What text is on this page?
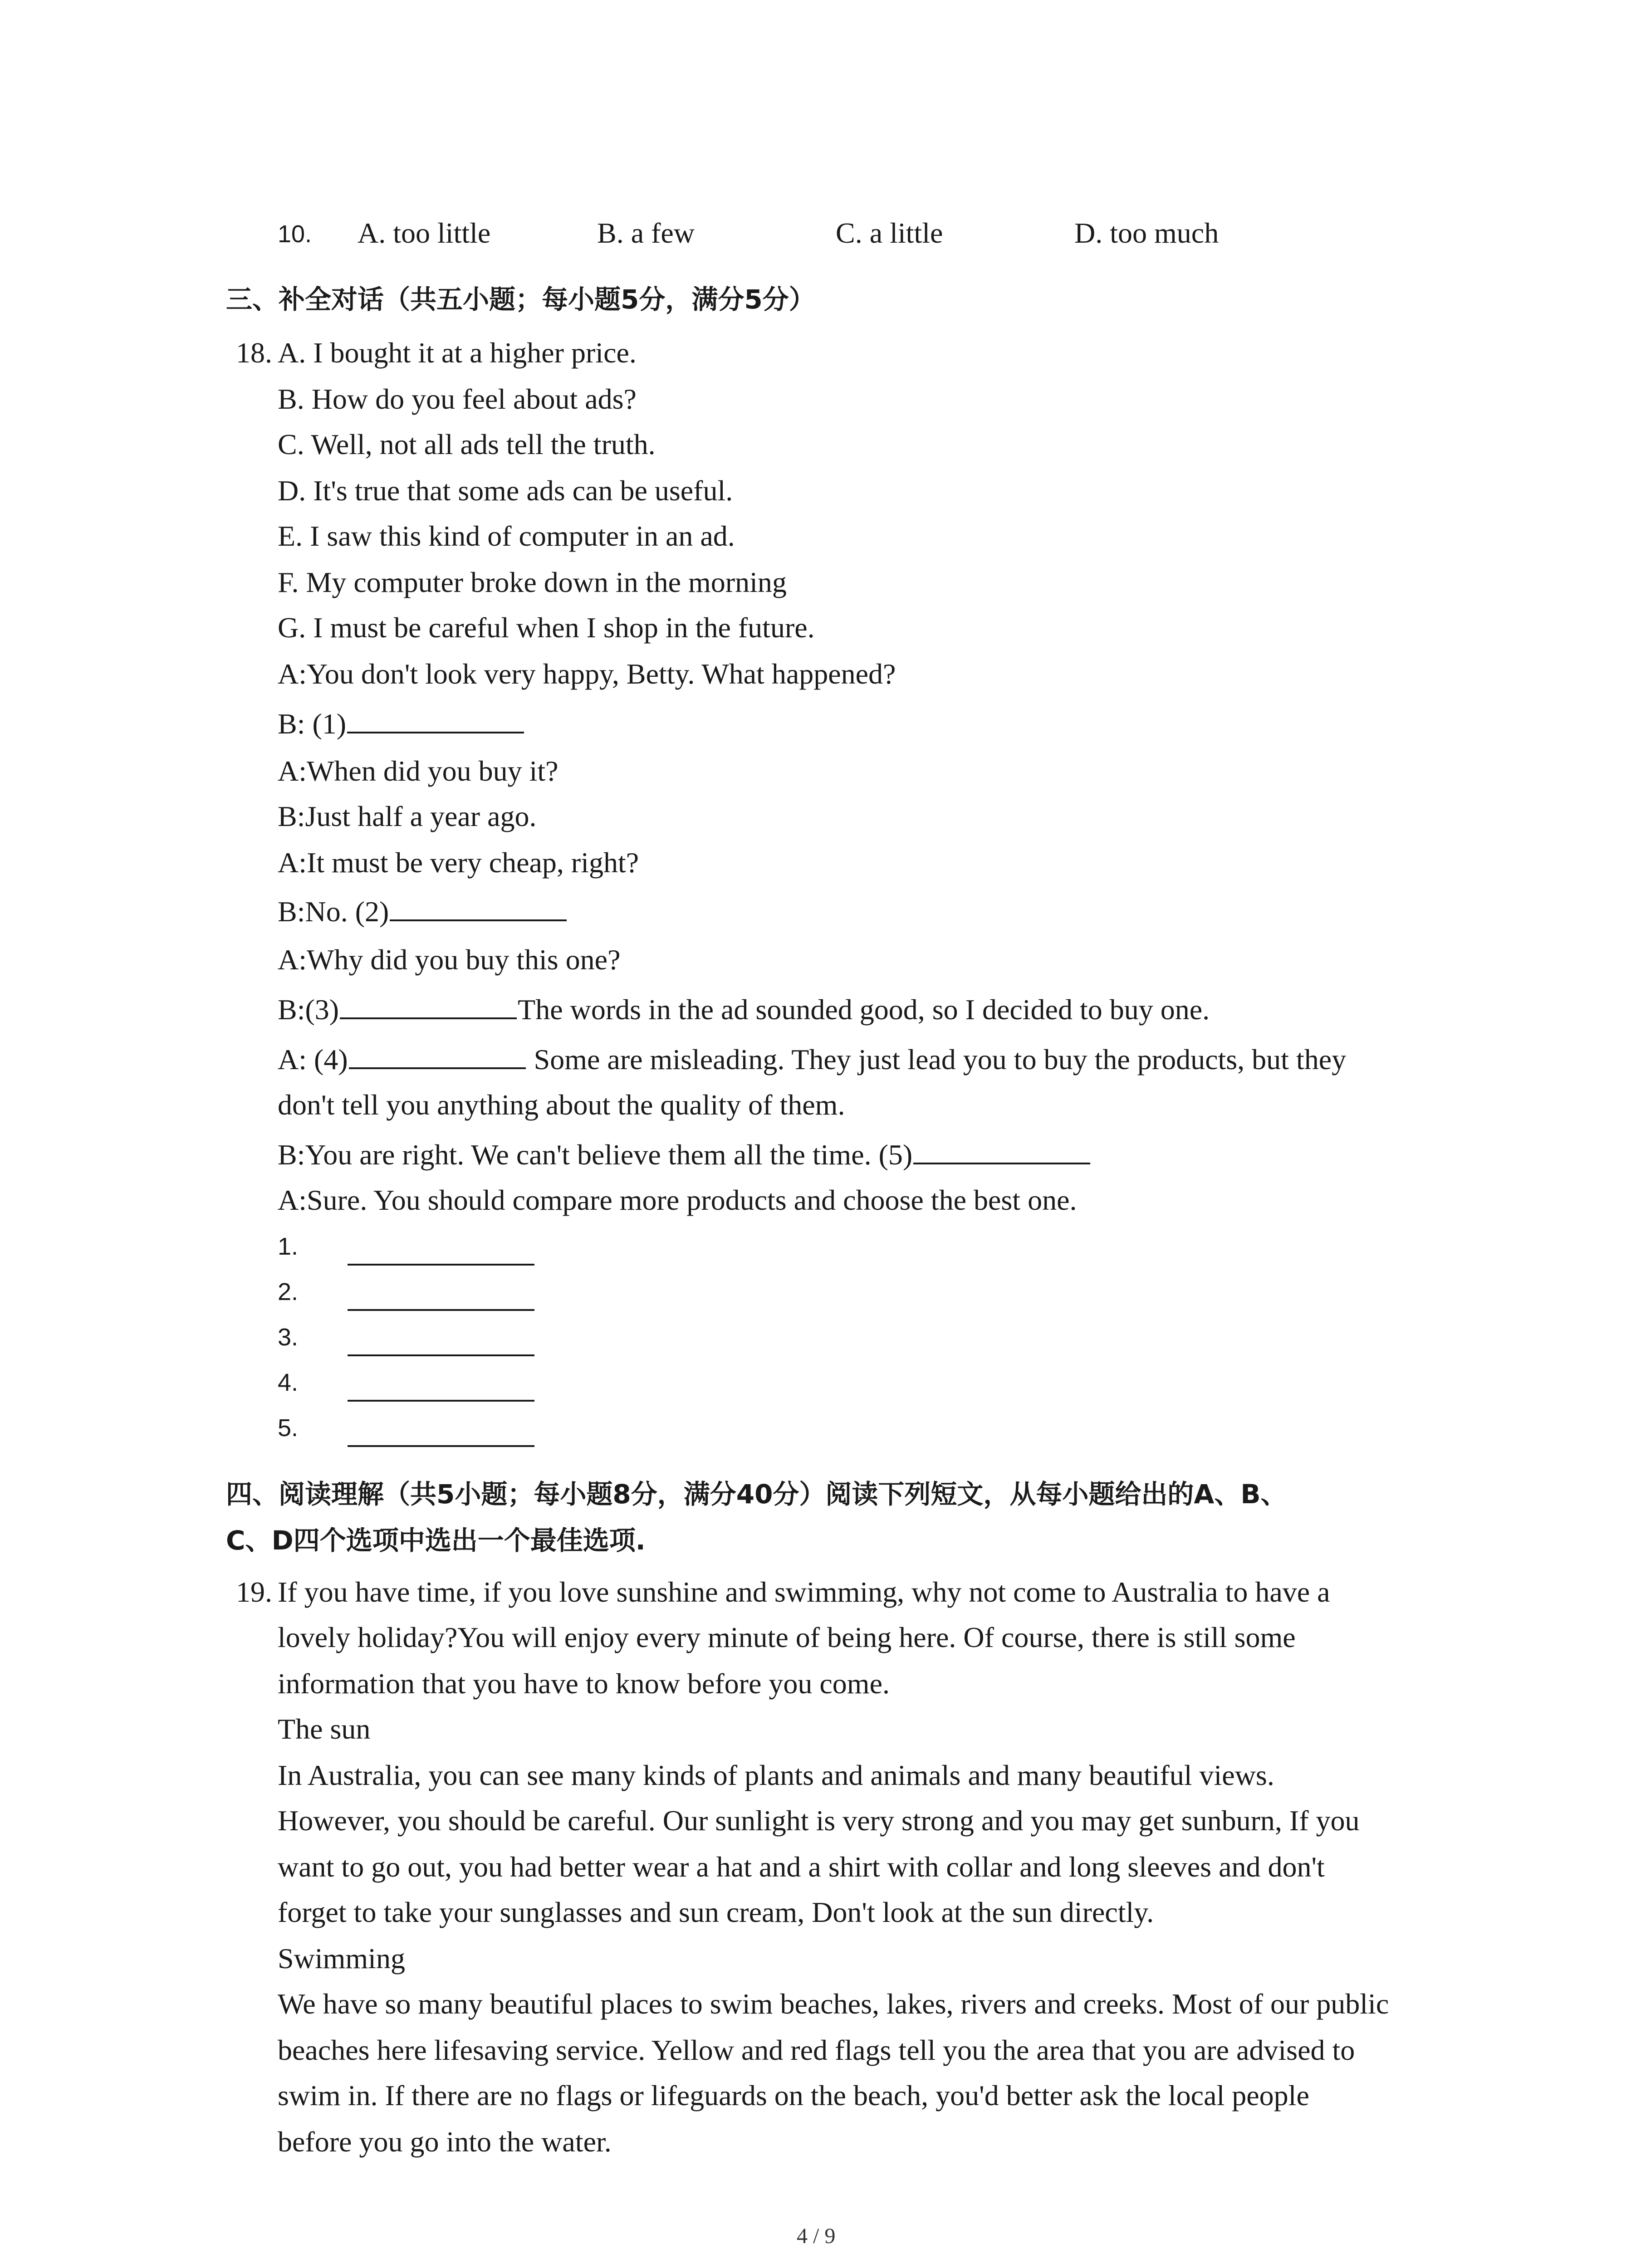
10. A. too little	B. a few	C. a little	D. too much
三、补全对话（共五小题；每小题5分，满分5分）
18. A. I bought it at a higher price.
B. How do you feel about ads?
C. Well, not all ads tell the truth.
D. It's true that some ads can be useful.
E. I saw this kind of computer in an ad.
F. My computer broke down in the morning
G. I must be careful when I shop in the future.
A:You don't look very happy, Betty. What happened?
B: (1)
A:When did you buy it?
B:Just half a year ago.
A:It must be very cheap, right?
B:No. (2)
A:Why did you buy this one?
B:(3)	The words in the ad sounded good, so I decided to buy one.
A: (4)	Some are misleading. They just lead you to buy the products, but they
don't tell you anything about the quality of them.
B:You are right. We can't believe them all the time. (5)
A:Sure. You should compare more products and choose the best one.
1.
2.
3.
4.
5.
四、阅读理解（共5小题；每小题8分，满分40分）阅读下列短文，从每小题给出的A、B、
C、D四个选项中选出一个最佳选项.
19. If you have time, if you love sunshine and swimming, why not come to Australia to have a
lovely holiday?You will enjoy every minute of being here. Of course, there is still some
information that you have to know before you come.
The sun
In Australia, you can see many kinds of plants and animals and many beautiful views.
However, you should be careful. Our sunlight is very strong and you may get sunburn, If you
want to go out, you had better wear a hat and a shirt with collar and long sleeves and don't
forget to take your sunglasses and sun cream, Don't look at the sun directly.
Swimming
We have so many beautiful places to swim beaches, lakes, rivers and creeks. Most of our public
beaches here lifesaving service. Yellow and red flags tell you the area that you are advised to
swim in. If there are no flags or lifeguards on the beach, you'd better ask the local people
before you go into the water.
4 / 9
